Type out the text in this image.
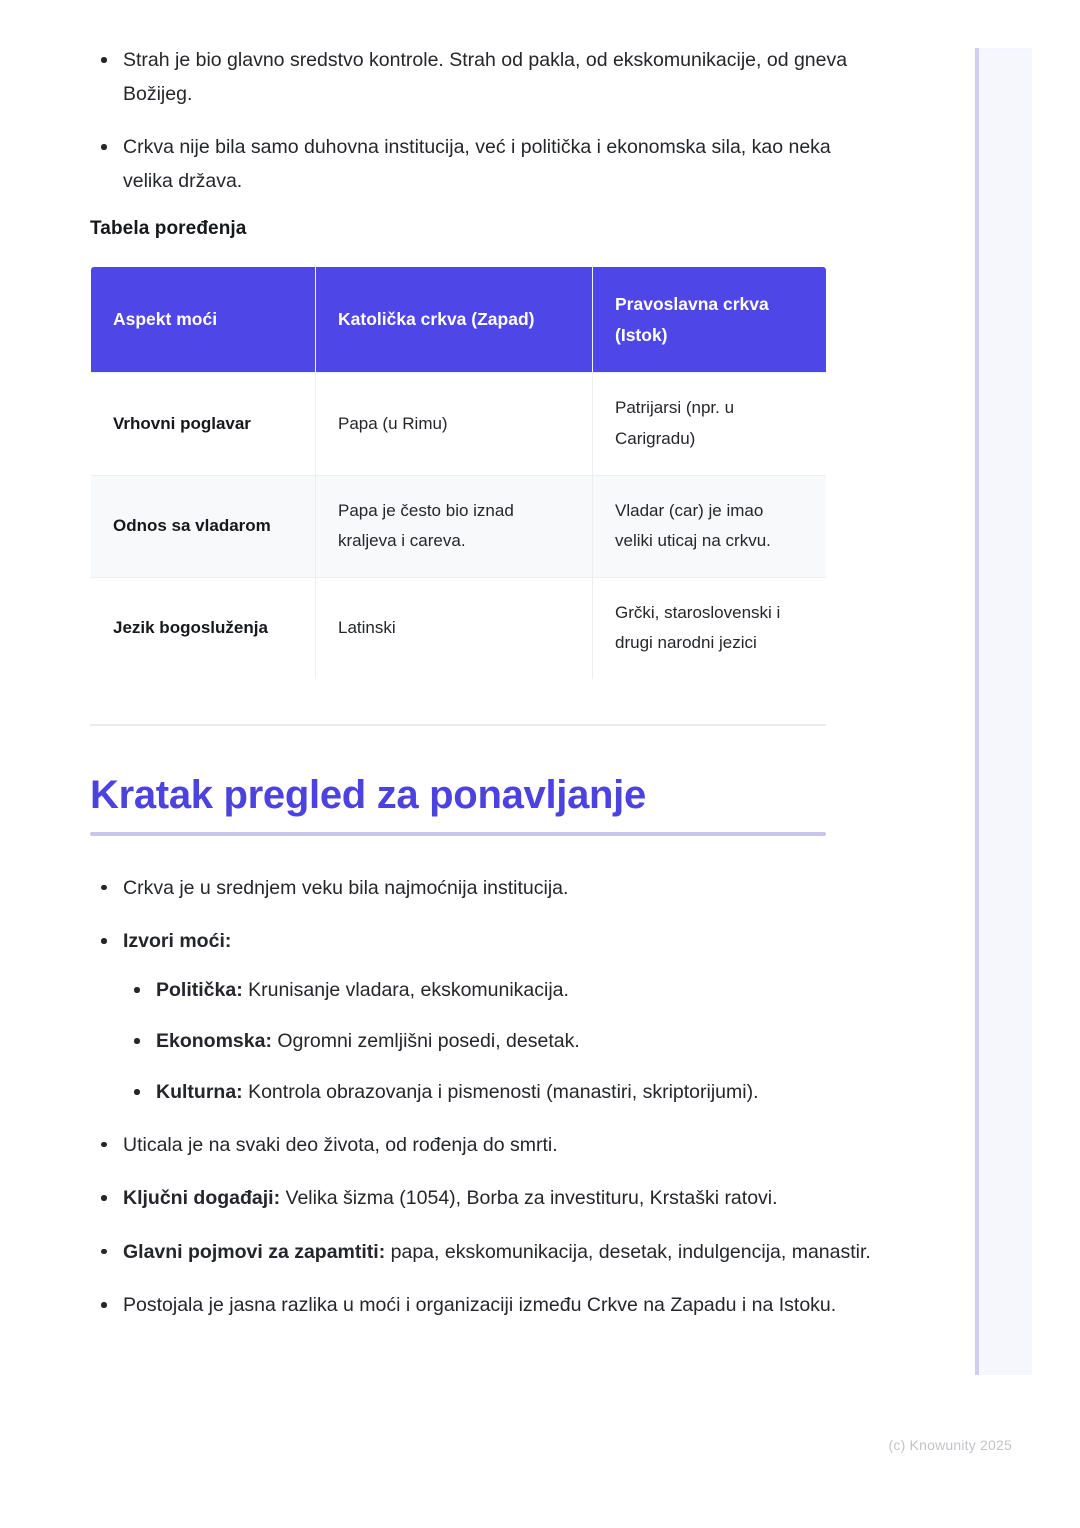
Strah je bio glavno sredstvo kontrole. Strah od pakla, od ekskomunikacije, od gneva Božijeg.
Crkva nije bila samo duhovna institucija, već i politička i ekonomska sila, kao neka velika država.
Tabela poređenja
Aspekt moći	Katolička crkva (Zapad)	Pravoslavna crkva (Istok)
Vrhovni poglavar	Papa (u Rimu)	Patrijarsi (npr. u Carigradu)
Odnos sa vladarom	Papa je često bio iznad kraljeva i careva.	Vladar (car) je imao veliki uticaj na crkvu.
Jezik bogosluženja	Latinski	Grčki, staroslovenski i drugi narodni jezici
Kratak pregled za ponavljanje
Crkva je u srednjem veku bila najmoćnija institucija.
Izvori moći:
Politička: Krunisanje vladara, ekskomunikacija.
Ekonomska: Ogromni zemljišni posedi, desetak.
Kulturna: Kontrola obrazovanja i pismenosti (manastiri, skriptorijumi).
Uticala je na svaki deo života, od rođenja do smrti.
Ključni događaji: Velika šizma (1054), Borba za investituru, Krstaški ratovi.
Glavni pojmovi za zapamtiti: papa, ekskomunikacija, desetak, indulgencija, manastir.
Postojala je jasna razlika u moći i organizaciji između Crkve na Zapadu i na Istoku.
(c) Knowunity 2025
